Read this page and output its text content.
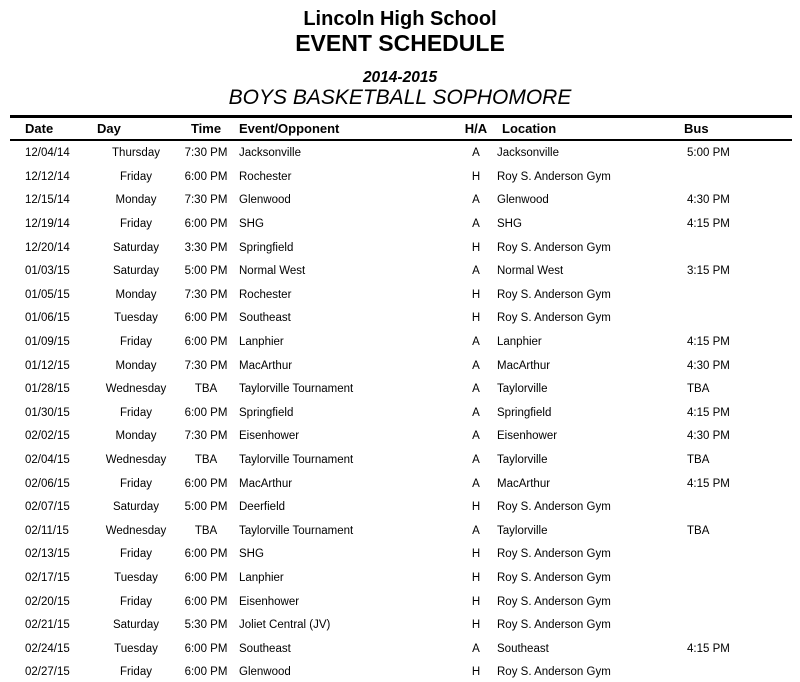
Lincoln High School
EVENT SCHEDULE
2014-2015
BOYS BASKETBALL SOPHOMORE
Date	Day	Time	Event/Opponent	H/A	Location	Bus
12/04/14	Thursday	7:30 PM	Jacksonville	A	Jacksonville	5:00 PM
12/12/14	Friday	6:00 PM	Rochester	H	Roy S. Anderson Gym	
12/15/14	Monday	7:30 PM	Glenwood	A	Glenwood	4:30 PM
12/19/14	Friday	6:00 PM	SHG	A	SHG	4:15 PM
12/20/14	Saturday	3:30 PM	Springfield	H	Roy S. Anderson Gym	
01/03/15	Saturday	5:00 PM	Normal West	A	Normal West	3:15 PM
01/05/15	Monday	7:30 PM	Rochester	H	Roy S. Anderson Gym	
01/06/15	Tuesday	6:00 PM	Southeast	H	Roy S. Anderson Gym	
01/09/15	Friday	6:00 PM	Lanphier	A	Lanphier	4:15 PM
01/12/15	Monday	7:30 PM	MacArthur	A	MacArthur	4:30 PM
01/28/15	Wednesday	TBA	Taylorville Tournament	A	Taylorville	TBA
01/30/15	Friday	6:00 PM	Springfield	A	Springfield	4:15 PM
02/02/15	Monday	7:30 PM	Eisenhower	A	Eisenhower	4:30 PM
02/04/15	Wednesday	TBA	Taylorville Tournament	A	Taylorville	TBA
02/06/15	Friday	6:00 PM	MacArthur	A	MacArthur	4:15 PM
02/07/15	Saturday	5:00 PM	Deerfield	H	Roy S. Anderson Gym	
02/11/15	Wednesday	TBA	Taylorville Tournament	A	Taylorville	TBA
02/13/15	Friday	6:00 PM	SHG	H	Roy S. Anderson Gym	
02/17/15	Tuesday	6:00 PM	Lanphier	H	Roy S. Anderson Gym	
02/20/15	Friday	6:00 PM	Eisenhower	H	Roy S. Anderson Gym	
02/21/15	Saturday	5:30 PM	Joliet Central (JV)	H	Roy S. Anderson Gym	
02/24/15	Tuesday	6:00 PM	Southeast	A	Southeast	4:15 PM
02/27/15	Friday	6:00 PM	Glenwood	H	Roy S. Anderson Gym	
